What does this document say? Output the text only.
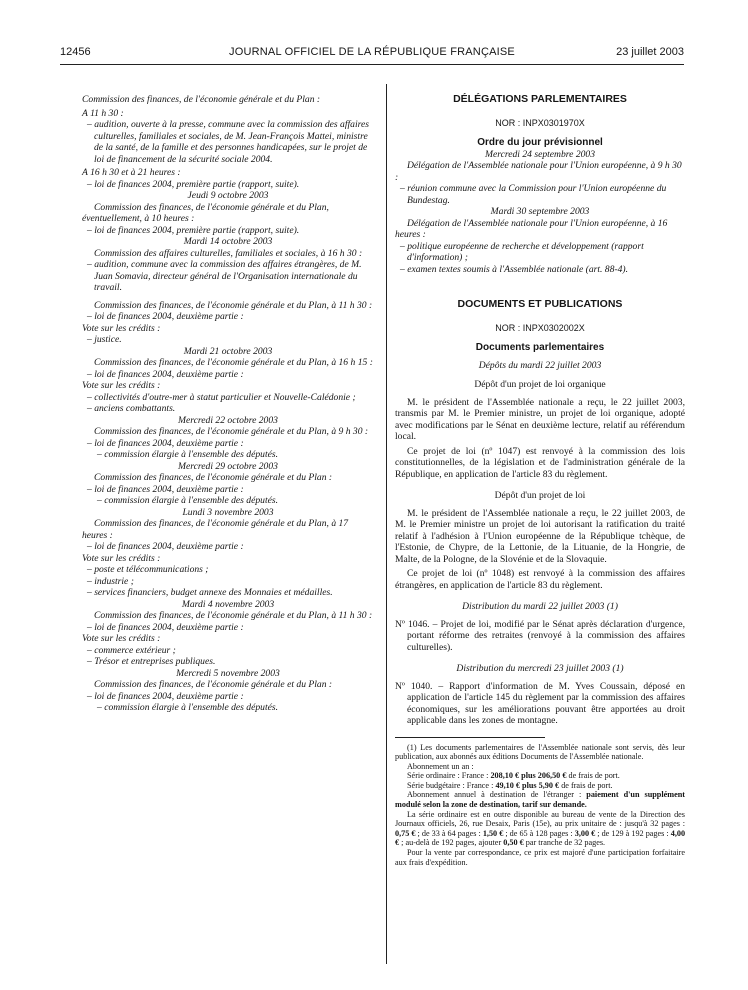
12456	JOURNAL OFFICIEL DE LA RÉPUBLIQUE FRANÇAISE	23 juillet 2003

Commission des finances, de l'économie générale et du Plan :

A 11 h 30 :

– audition, ouverte à la presse, commune avec la commission des affaires culturelles, familiales et sociales, de M. Jean-François Mattei, ministre de la santé, de la famille et des personnes handicapées, sur le projet de loi de financement de la sécurité sociale 2004.

A 16 h 30 et à 21 heures :

– loi de finances 2004, première partie (rapport, suite).

Jeudi 9 octobre 2003

Commission des finances, de l'économie générale et du Plan, éventuellement, à 10 heures :

– loi de finances 2004, première partie (rapport, suite).

Mardi 14 octobre 2003

Commission des affaires culturelles, familiales et sociales, à 16 h 30 :

– audition, commune avec la commission des affaires étrangères, de M. Juan Somavia, directeur général de l'Organisation internationale du travail.

Commission des finances, de l'économie générale et du Plan, à 11 h 30 :

– loi de finances 2004, deuxième partie :

Vote sur les crédits :

– justice.

Mardi 21 octobre 2003

Commission des finances, de l'économie générale et du Plan, à 16 h 15 :

– loi de finances 2004, deuxième partie :

Vote sur les crédits :

– collectivités d'outre-mer à statut particulier et Nouvelle-Calédonie ;

– anciens combattants.

Mercredi 22 octobre 2003

Commission des finances, de l'économie générale et du Plan, à 9 h 30 :

– loi de finances 2004, deuxième partie :

– commission élargie à l'ensemble des députés.

Mercredi 29 octobre 2003

Commission des finances, de l'économie générale et du Plan :

– loi de finances 2004, deuxième partie :

– commission élargie à l'ensemble des députés.

Lundi 3 novembre 2003

Commission des finances, de l'économie générale et du Plan, à 17 heures :

– loi de finances 2004, deuxième partie :

Vote sur les crédits :

– poste et télécommunications ;

– industrie ;

– services financiers, budget annexe des Monnaies et médailles.

Mardi 4 novembre 2003

Commission des finances, de l'économie générale et du Plan, à 11 h 30 :

– loi de finances 2004, deuxième partie :

Vote sur les crédits :

– commerce extérieur ;

– Trésor et entreprises publiques.

Mercredi 5 novembre 2003

Commission des finances, de l'économie générale et du Plan :

– loi de finances 2004, deuxième partie :

– commission élargie à l'ensemble des députés.

DÉLÉGATIONS PARLEMENTAIRES

NOR : INPX0301970X

Ordre du jour prévisionnel

Mercredi 24 septembre 2003

Délégation de l'Assemblée nationale pour l'Union européenne, à 9 h 30 :

– réunion commune avec la Commission pour l'Union européenne du Bundestag.

Mardi 30 septembre 2003

Délégation de l'Assemblée nationale pour l'Union européenne, à 16 heures :

– politique européenne de recherche et développement (rapport d'information) ;

– examen textes soumis à l'Assemblée nationale (art. 88-4).

DOCUMENTS ET PUBLICATIONS

NOR : INPX0302002X

Documents parlementaires

Dépôts du mardi 22 juillet 2003

Dépôt d'un projet de loi organique

M. le président de l'Assemblée nationale a reçu, le 22 juillet 2003, transmis par M. le Premier ministre, un projet de loi organique, adopté avec modifications par le Sénat en deuxième lecture, relatif au référendum local.

Ce projet de loi (nº 1047) est renvoyé à la commission des lois constitutionnelles, de la législation et de l'administration générale de la République, en application de l'article 83 du règlement.

Dépôt d'un projet de loi

M. le président de l'Assemblée nationale a reçu, le 22 juillet 2003, de M. le Premier ministre un projet de loi autorisant la ratification du traité relatif à l'adhésion à l'Union européenne de la République tchèque, de l'Estonie, de Chypre, de la Lettonie, de la Lituanie, de la Hongrie, de Malte, de la Pologne, de la Slovénie et de la Slovaquie.

Ce projet de loi (nº 1048) est renvoyé à la commission des affaires étrangères, en application de l'article 83 du règlement.

Distribution du mardi 22 juillet 2003 (1)

Nº 1046. – Projet de loi, modifié par le Sénat après déclaration d'urgence, portant réforme des retraites (renvoyé à la commission des affaires culturelles).

Distribution du mercredi 23 juillet 2003 (1)

Nº 1040. – Rapport d'information de M. Yves Coussain, déposé en application de l'article 145 du règlement par la commission des affaires économiques, sur les améliorations pouvant être apportées au droit applicable dans les zones de montagne.

(1) Les documents parlementaires de l'Assemblée nationale sont servis, dès leur publication, aux abonnés aux éditions Documents de l'Assemblée nationale.

Abonnement un an :

Série ordinaire : France : 208,10 € plus 206,50 € de frais de port.

Série budgétaire : France : 49,10 € plus 5,90 € de frais de port.

Abonnement annuel à destination de l'étranger : paiement d'un supplément modulé selon la zone de destination, tarif sur demande.

La série ordinaire est en outre disponible au bureau de vente de la Direction des Journaux officiels, 26, rue Desaix, Paris (15e), au prix unitaire de : jusqu'à 32 pages : 0,75 € ; de 33 à 64 pages : 1,50 € ; de 65 à 128 pages : 3,00 € ; de 129 à 192 pages : 4,00 € ; au-delà de 192 pages, ajouter 0,50 € par tranche de 32 pages.

Pour la vente par correspondance, ce prix est majoré d'une participation forfaitaire aux frais d'expédition.
